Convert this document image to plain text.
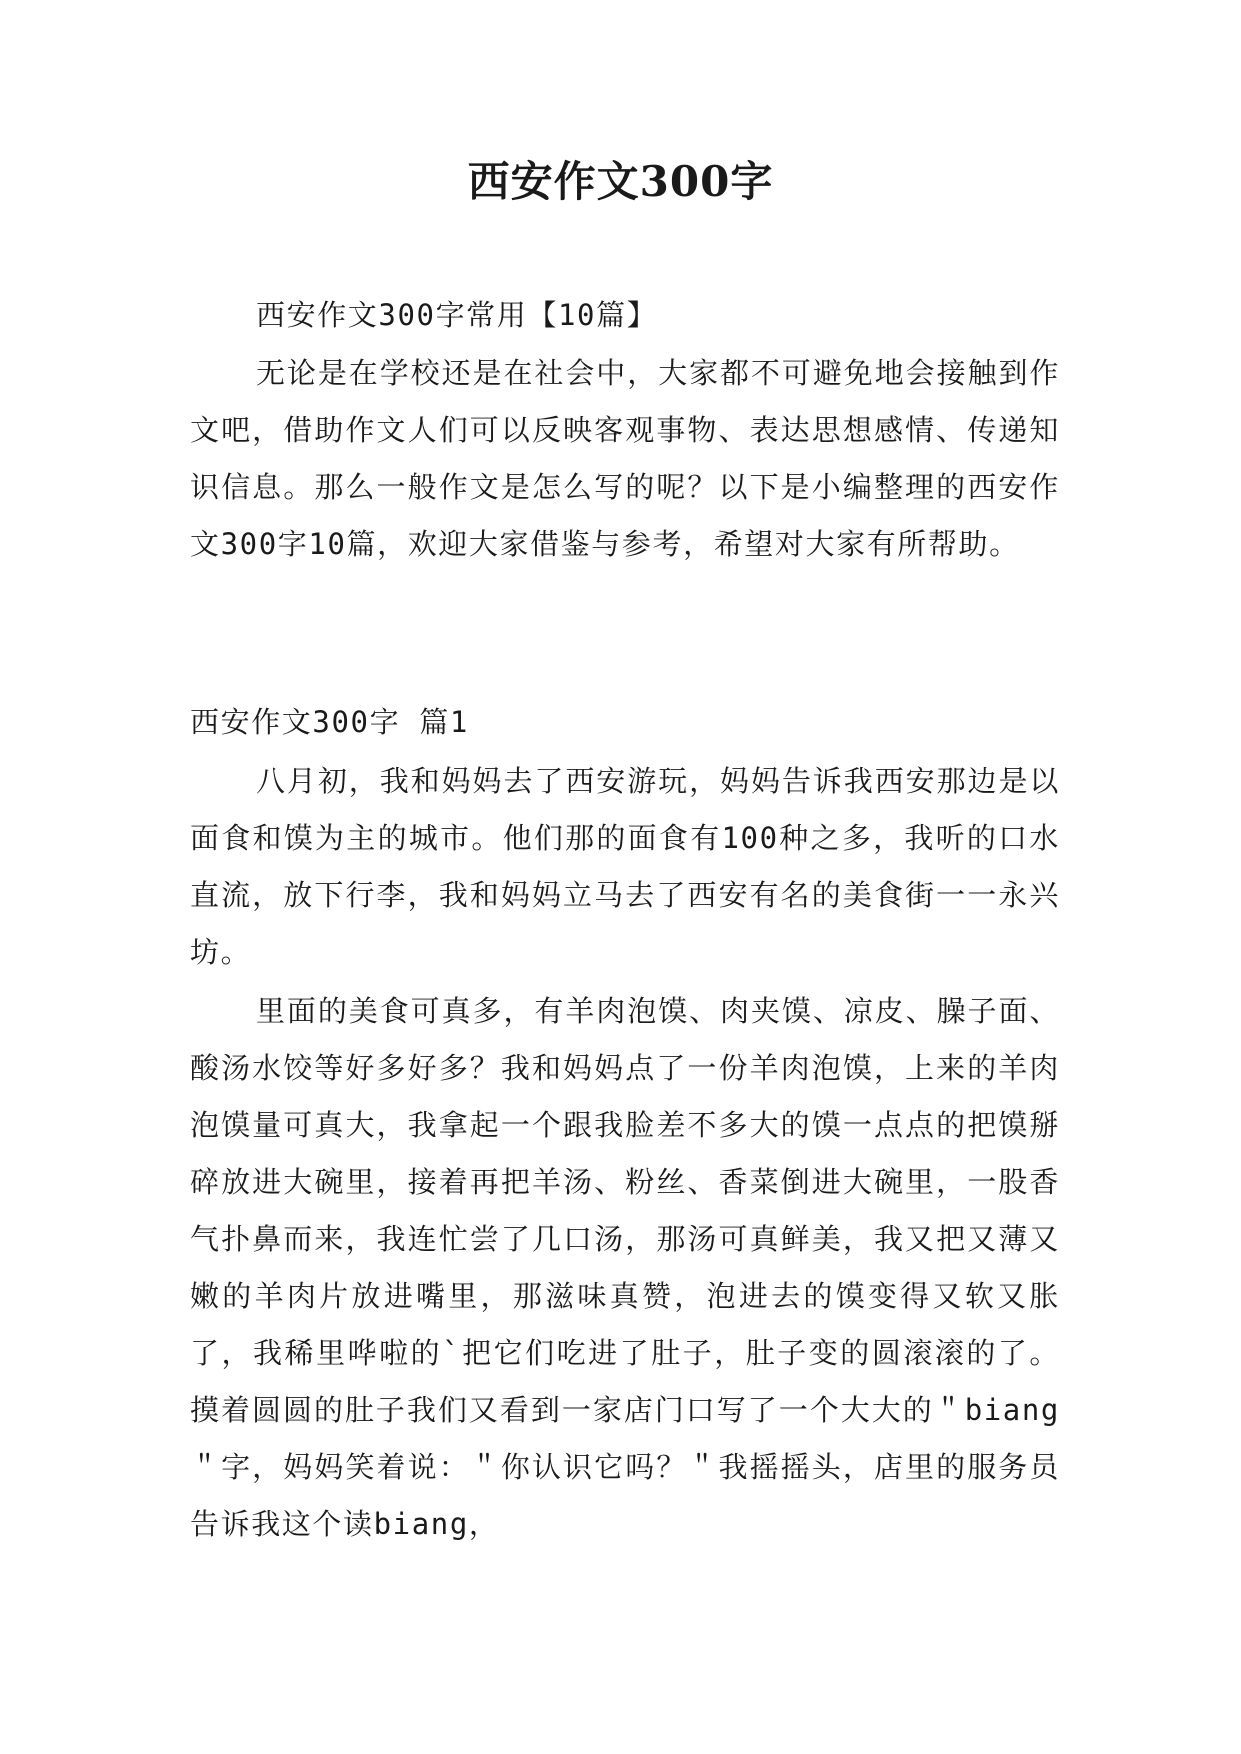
西安作文300字
西安作文300字常用【10篇】
无论是在学校还是在社会中，大家都不可避免地会接触到作文吧，借助作文人们可以反映客观事物、表达思想感情、传递知识信息。那么一般作文是怎么写的呢？以下是小编整理的西安作文300字10篇，欢迎大家借鉴与参考，希望对大家有所帮助。
西安作文300字 篇1
八月初，我和妈妈去了西安游玩，妈妈告诉我西安那边是以面食和馍为主的城市。他们那的面食有100种之多，我听的口水直流，放下行李，我和妈妈立马去了西安有名的美食街一一永兴坊。
里面的美食可真多，有羊肉泡馍、肉夹馍、凉皮、臊子面、酸汤水饺等好多好多？我和妈妈点了一份羊肉泡馍，上来的羊肉泡馍量可真大，我拿起一个跟我脸差不多大的馍一点点的把馍掰碎放进大碗里，接着再把羊汤、粉丝、香菜倒进大碗里，一股香气扑鼻而来，我连忙尝了几口汤，那汤可真鲜美，我又把又薄又嫩的羊肉片放进嘴里，那滋味真赞，泡进去的馍变得又软又胀了，我稀里哗啦的`把它们吃进了肚子，肚子变的圆滚滚的了。摸着圆圆的肚子我们又看到一家店门口写了一个大大的＂biang＂字，妈妈笑着说：＂你认识它吗？＂我摇摇头，店里的服务员告诉我这个读biang，
